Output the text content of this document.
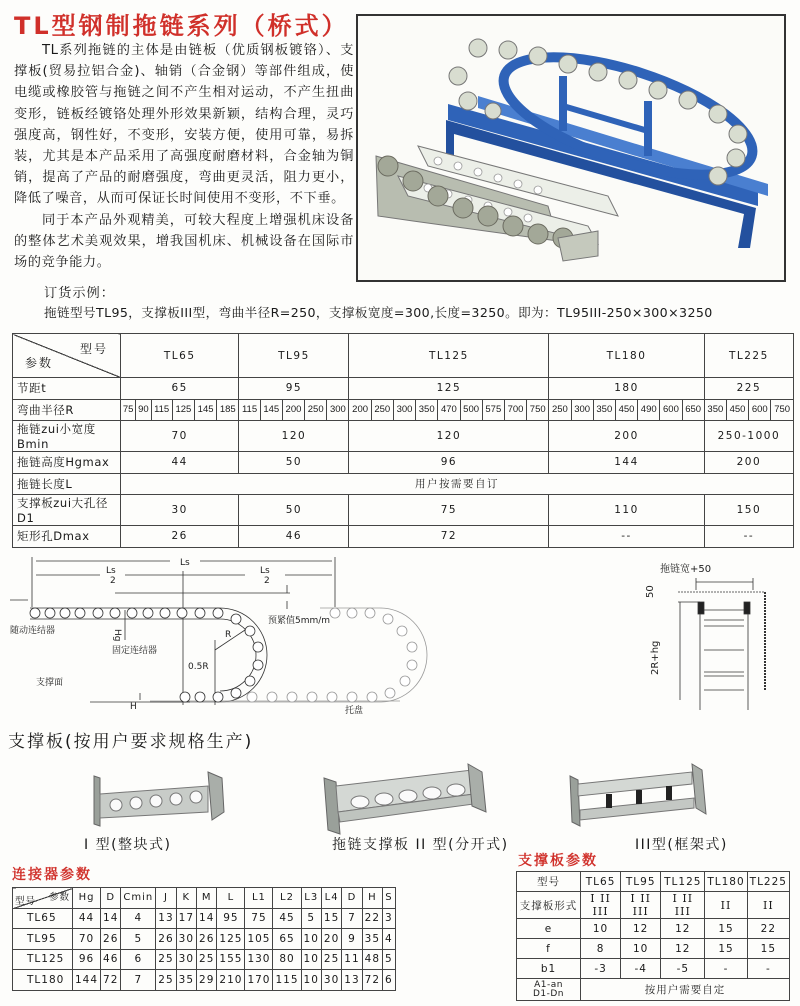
TL型钢制拖链系列（桥式）

TL系列拖链的主体是由链板（优质钢板镀铬）、支撑板(贸易拉铝合金)、轴销（合金钢）等部件组成，使电缆或橡胶管与拖链之间不产生相对运动，不产生扭曲变形，链板经镀铬处理外形效果新颖，结构合理，灵巧强度高，钢性好，不变形，安装方便，使用可靠，易拆装，尤其是本产品采用了高强度耐磨材料，合金轴为铜销，提高了产品的耐磨强度，弯曲更灵活，阻力更小，降低了噪音，从而可保证长时间使用不变形，不下垂。

同于本产品外观精美，可较大程度上增强机床设备的整体艺术美观效果，增我国机床、机械设备在国际市场的竞争能力。

订货示例：
拖链型号TL95，支撑板III型，弯曲半径R=250，支撑板宽度=300,长度=3250。即为：TL95III-250×300×3250
型号
参数	TL65						TL95					TL125									TL180							TL225			
节距t	65						95					125									180							225			
弯曲半径R	75	90	115	125	145	185	115	145	200	250	300	200	250	300	350	470	500	575	700	750	250	300	350	450	490	600	650	350	450	600	750
拖链zui小宽度Bmin	70						120					120									200							250-1000			
拖链高度Hgmax	44						50					96									144							200			
拖链长度L	用户按需要自订																														
支撑板zui大孔径D1	30						50					75									110							150			
矩形孔Dmax	26						46					72									--							--			
Ls
Ls
2
Ls
2
Hg
随动连结器
预紧值5mm/m
R
固定连结器
0.5R
支撑面
H	托盘
拖链宽+50
50
2R+hg
支撑板(按用户要求规格生产)
I 型(整块式)	拖链支撑板 II 型(分开式)	III型(框架式)
连接器参数
参数
型号	Hg	D	Cmin	J	K	M	L	L1	L2	L3	L4	D	H	S
TL65	44	14	4	13	17	14	95	75	45	5	15	7	22	3
TL95	70	26	5	26	30	26	125	105	65	10	20	9	35	4
TL125	96	46	6	25	30	25	155	130	80	10	25	11	48	5
TL180	144	72	7	25	35	29	210	170	115	10	30	13	72	6
支撑板参数
型号	TL65	TL95	TL125	TL180	TL225
支撑板形式	I II III	I II III	I II III	II	II
e	10	12	12	15	22
f	8	10	12	15	15
b1	-3	-4	-5	-	-

A1-an
D1-Dn	按用户需要自定				
